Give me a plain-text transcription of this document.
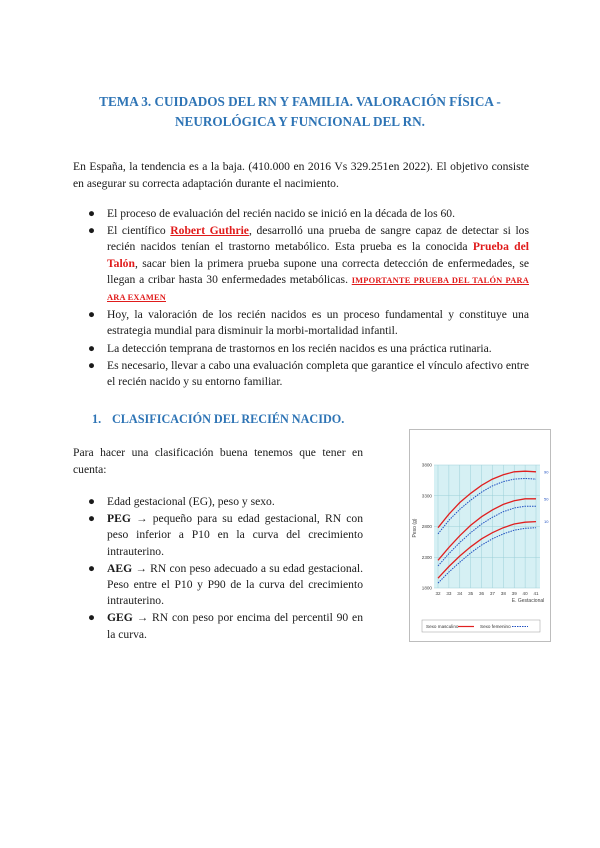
TEMA 3. CUIDADOS DEL RN Y FAMILIA. VALORACIÓN FÍSICA -
NEUROLÓGICA Y FUNCIONAL DEL RN.
En España, la tendencia es a la baja. (410.000 en 2016 Vs 329.251en 2022). El objetivo consiste en asegurar su correcta adaptación durante el nacimiento.
● El proceso de evaluación del recién nacido se inició en la década de los 60.
● El científico Robert Guthrie, desarrolló una prueba de sangre capaz de detectar si los recién nacidos tenían el trastorno metabólico. Esta prueba es la conocida Prueba del Talón, sacar bien la primera prueba supone una correcta detección de enfermedades, se llegan a cribar hasta 30 enfermedades metabólicas. IMPORTANTE PRUEBA DEL TALÓN PARA ARA EXAMEN
● Hoy, la valoración de los recién nacidos es un proceso fundamental y constituye una estrategia mundial para disminuir la morbi-mortalidad infantil.
● La detección temprana de trastornos en los recién nacidos es una práctica rutinaria.
● Es necesario, llevar a cabo una evaluación completa que garantice el vínculo afectivo entre el recién nacido y su entorno familiar.
1. CLASIFICACIÓN DEL RECIÉN NACIDO.
Para hacer una clasificación buena tenemos que tener en cuenta:
● Edad gestacional (EG), peso y sexo.
● PEG → pequeño para su edad gestacional, RN con peso inferior a P10 en la curva del crecimiento intrauterino.
● AEG → RN con peso adecuado a su edad gestacional. Peso entre el P10 y P90 de la curva del crecimiento intrauterino.
● GEG → RN con peso por encima del percentil 90 en la curva.
32 33 34 35 36 37 38 39 40 41
1800
2300
2800
3300
3800
90
50
10
Peso (g)
E. Gestacional
Sexo masculino	Sexo femenino
